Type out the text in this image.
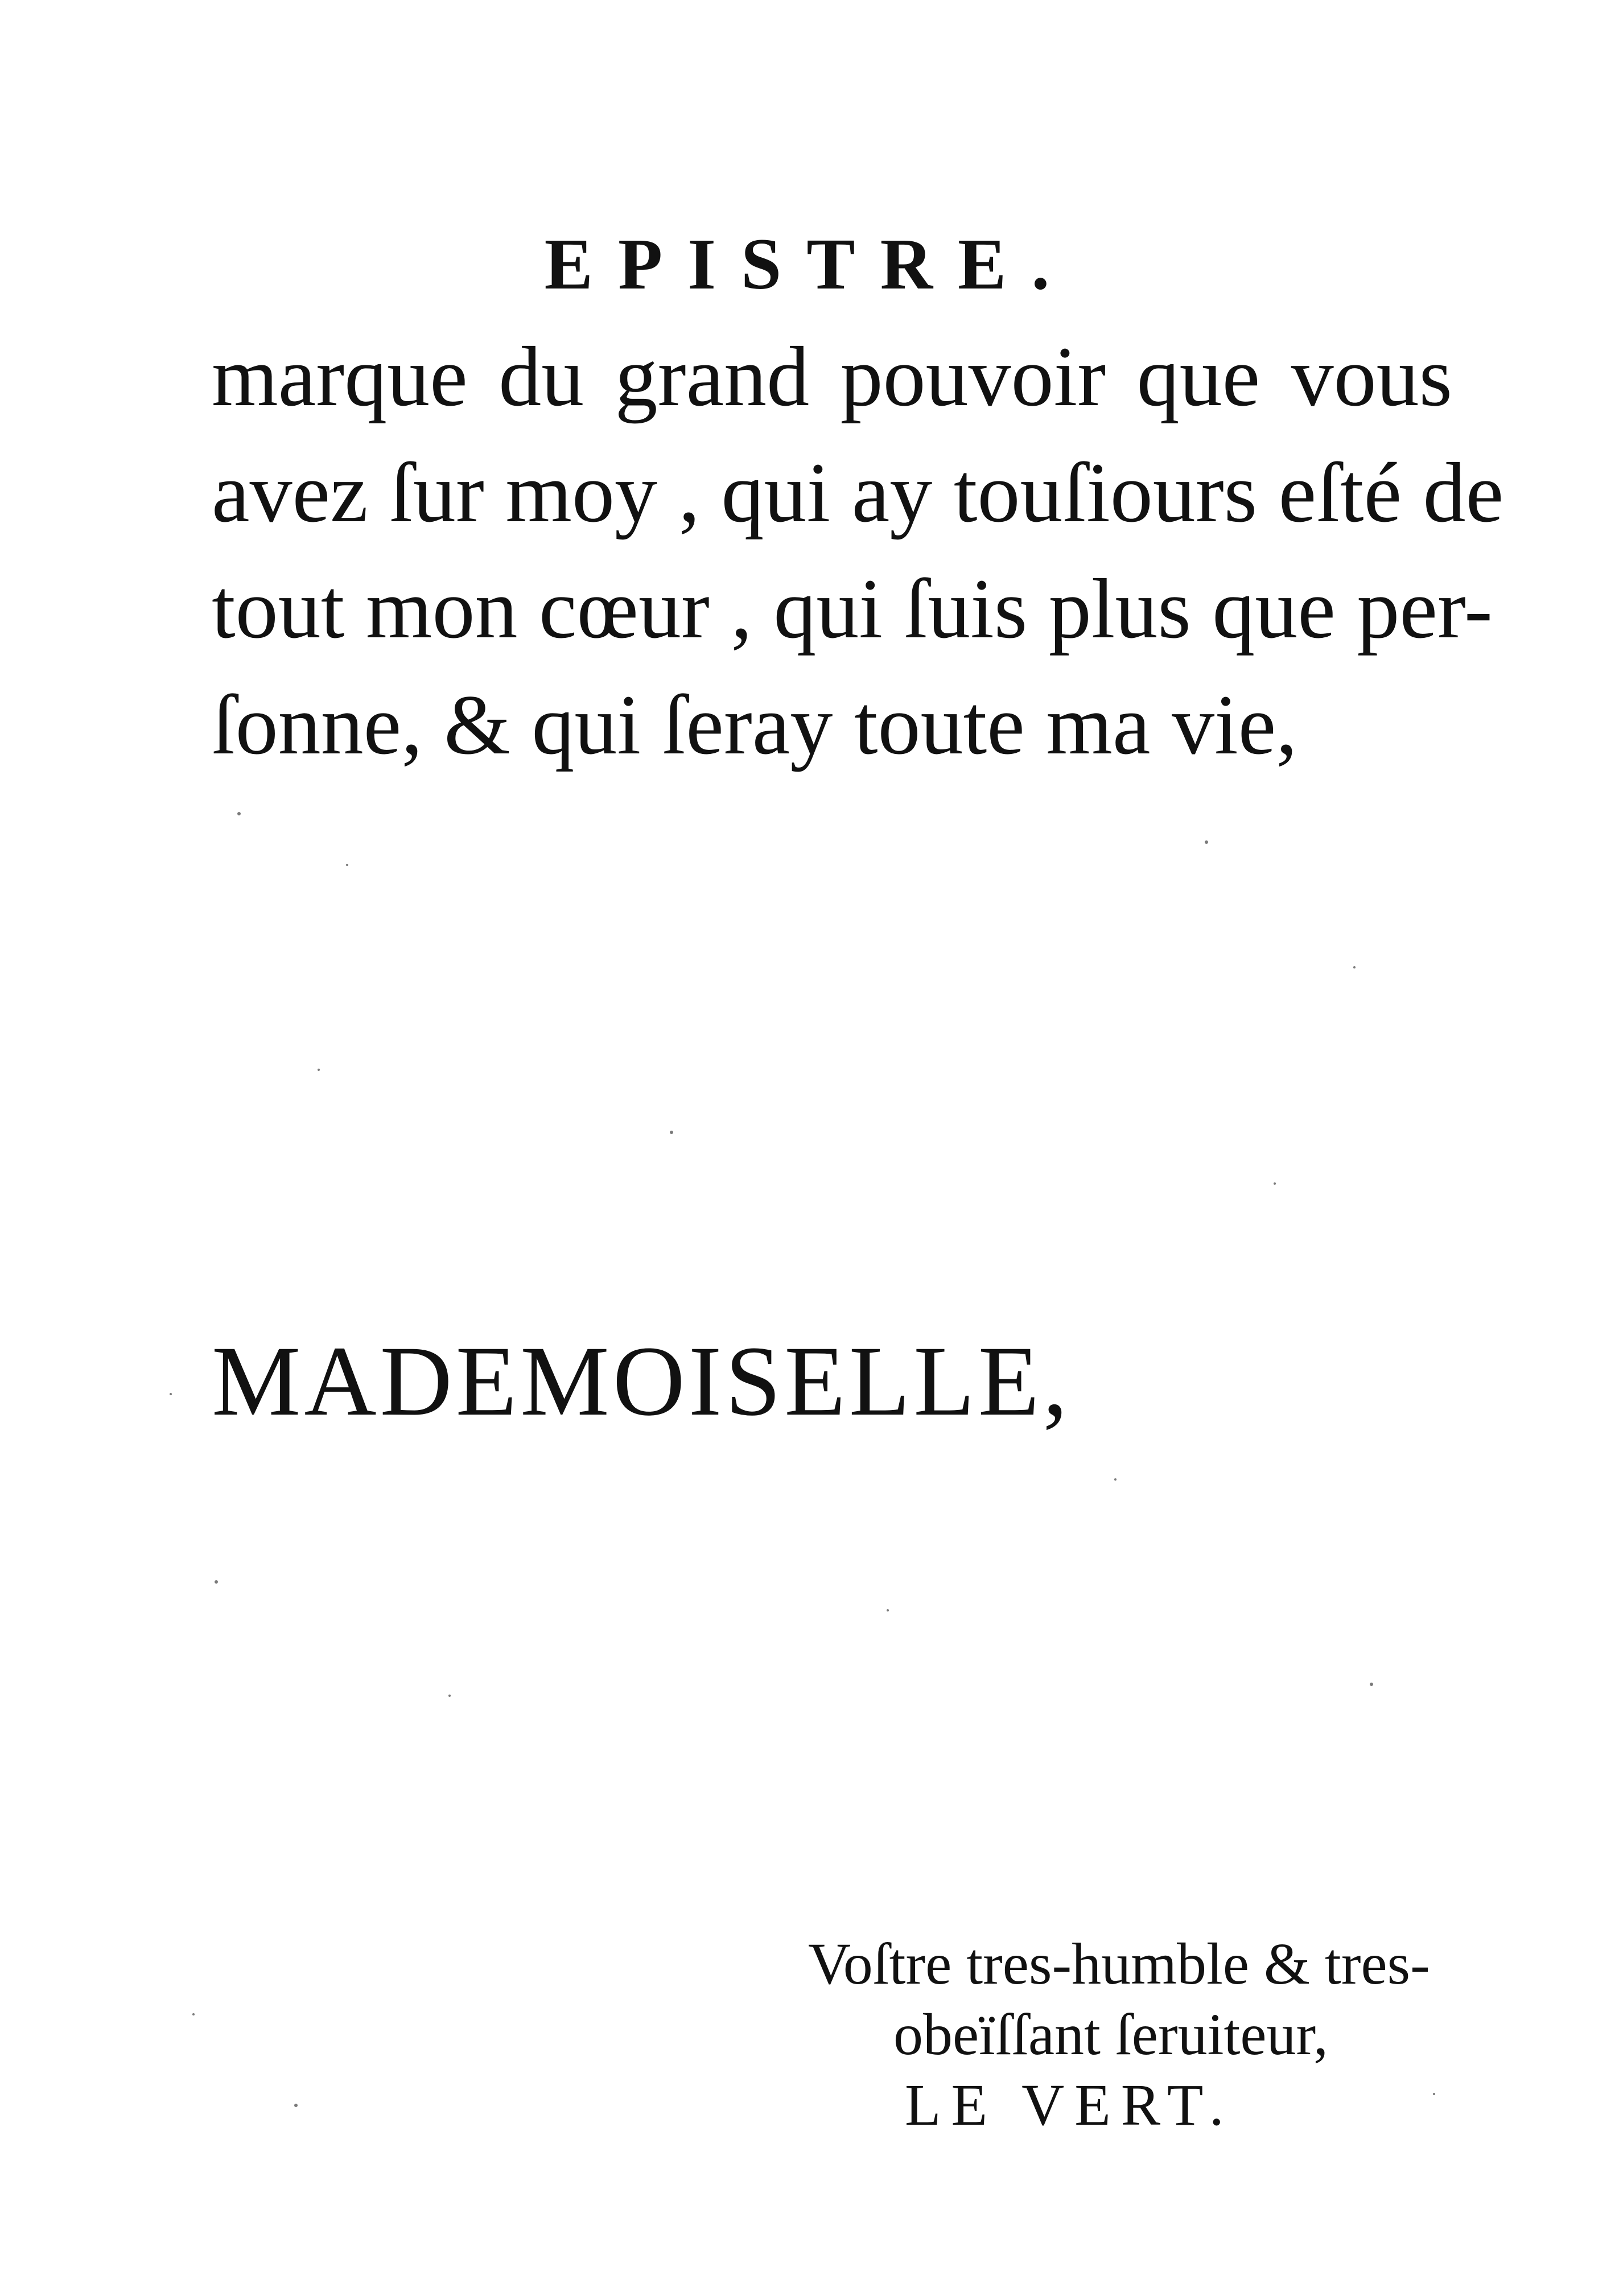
EPISTRE.
marque du grand pouvoir que vous
avez ſur moy , qui ay touſiours eſté de
tout mon cœur , qui ſuis plus que per-
ſonne, & qui ſeray toute ma vie,
MADEMOISELLE,
Voſtre tres-humble & tres-
obeïſſant ſeruiteur,
LE VERT.
